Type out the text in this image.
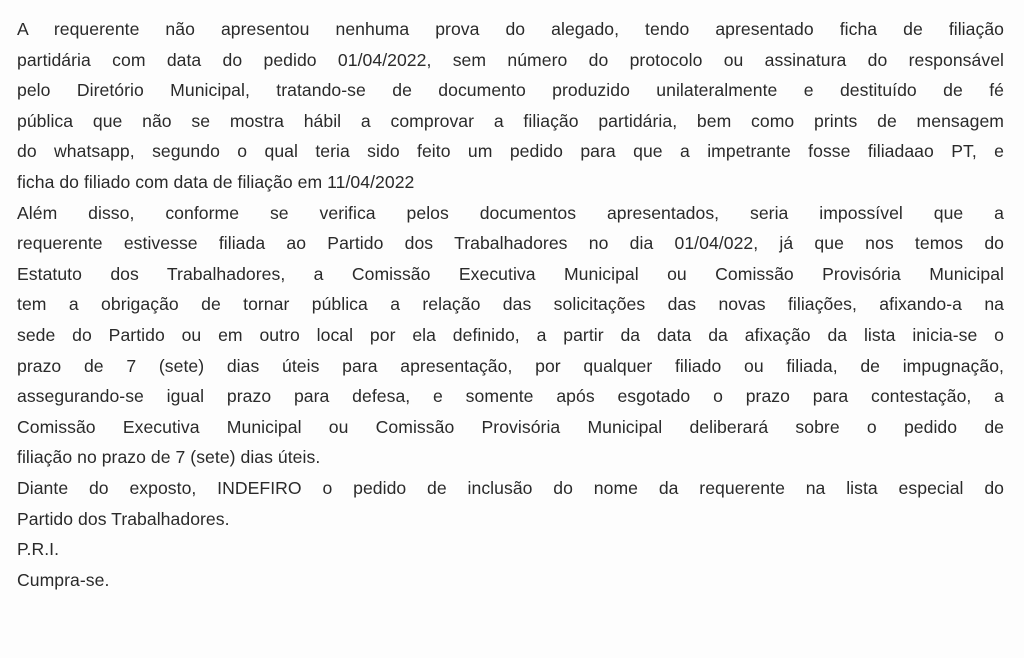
A requerente não apresentou nenhuma prova do alegado, tendo apresentado ficha de filiação
partidária com data do pedido 01/04/2022, sem número do protocolo ou assinatura do responsável
pelo Diretório Municipal, tratando-se de documento produzido unilateralmente e destituído de fé
pública que não se mostra hábil a comprovar a filiação partidária, bem como prints de mensagem
do whatsapp, segundo o qual teria sido feito um pedido para que a impetrante fosse filiadaao PT, e
ficha do filiado com data de filiação em 11/04/2022
Além disso, conforme se verifica pelos documentos apresentados, seria impossível que a
requerente estivesse filiada ao Partido dos Trabalhadores no dia 01/04/022, já que nos temos do
Estatuto dos Trabalhadores, a Comissão Executiva Municipal ou Comissão Provisória Municipal
tem a obrigação de tornar pública a relação das solicitações das novas filiações, afixando-a na
sede do Partido ou em outro local por ela definido, a partir da data da afixação da lista inicia-se o
prazo de 7 (sete) dias úteis para apresentação, por qualquer filiado ou filiada, de impugnação,
assegurando-se igual prazo para defesa, e somente após esgotado o prazo para contestação, a
Comissão Executiva Municipal ou Comissão Provisória Municipal deliberará sobre o pedido de
filiação no prazo de 7 (sete) dias úteis.
Diante do exposto, INDEFIRO o pedido de inclusão do nome da requerente na lista especial do
Partido dos Trabalhadores.
P.R.I.
Cumpra-se.
